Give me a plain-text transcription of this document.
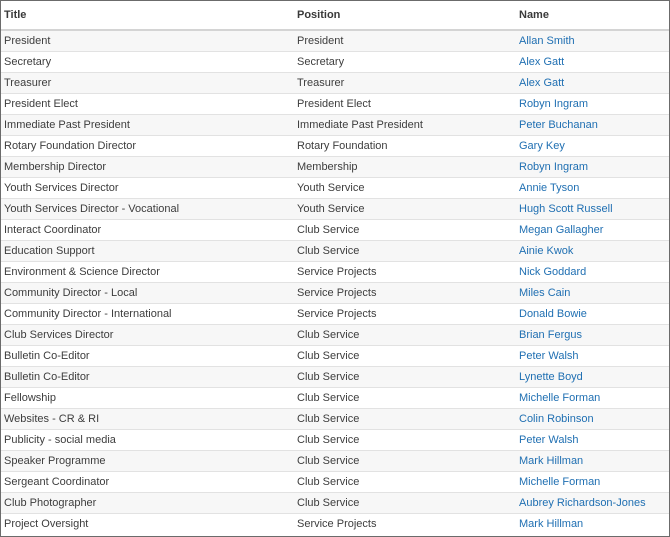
Title	Position	Name
President	President	Allan Smith
Secretary	Secretary	Alex Gatt
Treasurer	Treasurer	Alex Gatt
President Elect	President Elect	Robyn Ingram
Immediate Past President	Immediate Past President	Peter Buchanan
Rotary Foundation Director	Rotary Foundation	Gary Key
Membership Director	Membership	Robyn Ingram
Youth Services Director	Youth Service	Annie Tyson
Youth Services Director - Vocational	Youth Service	Hugh Scott Russell
Interact Coordinator	Club Service	Megan Gallagher
Education Support	Club Service	Ainie Kwok
Environment & Science Director	Service Projects	Nick Goddard
Community Director - Local	Service Projects	Miles Cain
Community Director - International	Service Projects	Donald Bowie
Club Services Director	Club Service	Brian Fergus
Bulletin Co-Editor	Club Service	Peter Walsh
Bulletin Co-Editor	Club Service	Lynette Boyd
Fellowship	Club Service	Michelle Forman
Websites - CR & RI	Club Service	Colin Robinson
Publicity - social media	Club Service	Peter Walsh
Speaker Programme	Club Service	Mark Hillman
Sergeant Coordinator	Club Service	Michelle Forman
Club Photographer	Club Service	Aubrey Richardson-Jones
Project Oversight	Service Projects	Mark Hillman
